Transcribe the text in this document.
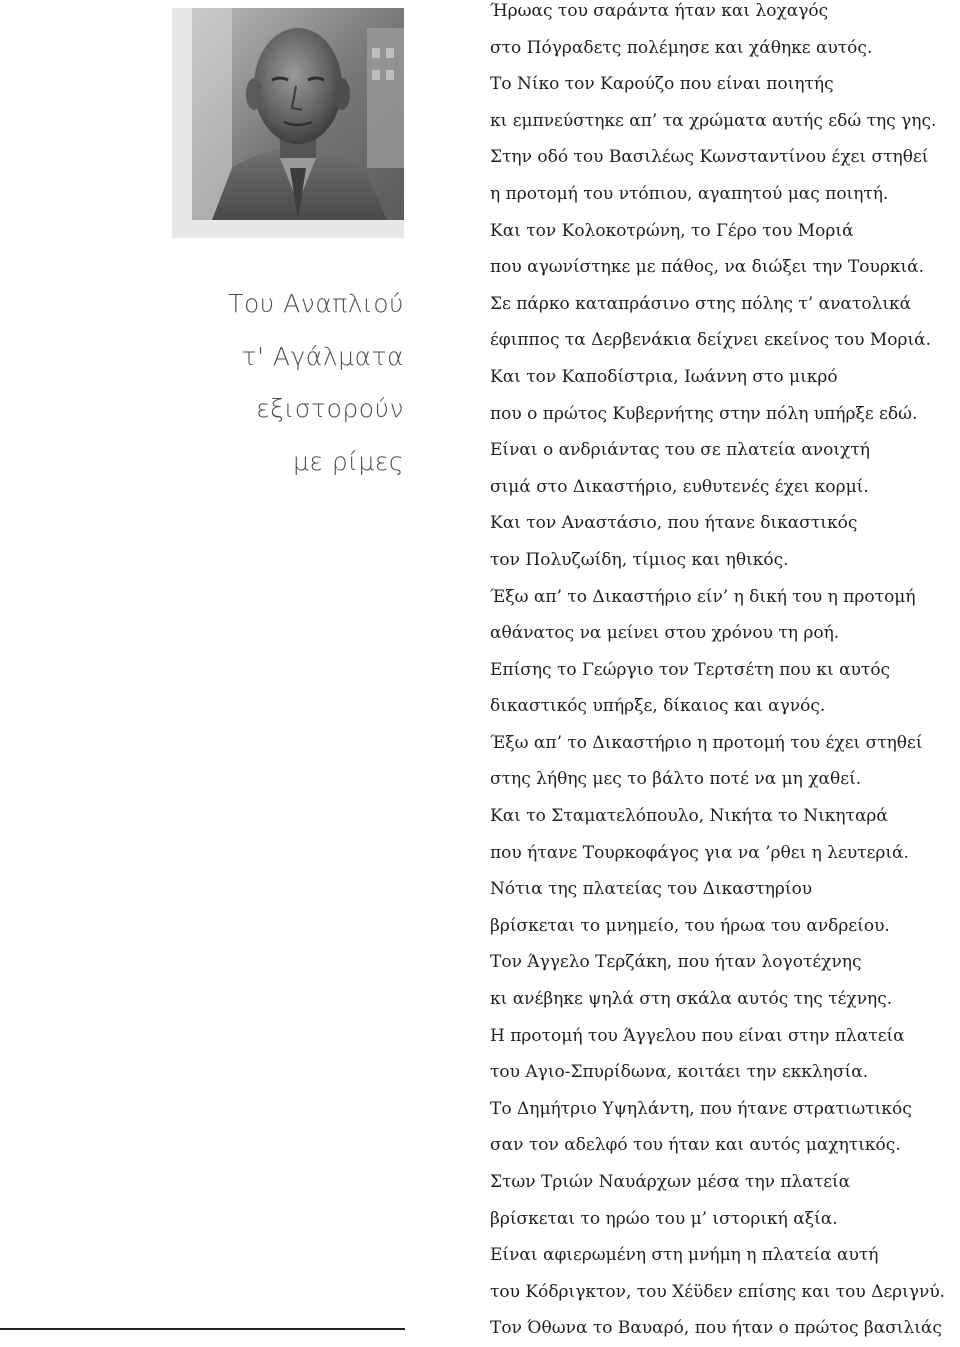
Του Αναπλιού
τ' Αγάλματα
εξιστορούν
με ρίμες
Ήρωας του σαράντα ήταν και λοχαγός
στο Πόγραδετς πολέμησε και χάθηκε αυτός.
Το Νίκο τον Καρούζο που είναι ποιητής
κι εμπνεύστηκε απ’ τα χρώματα αυτής εδώ της γης.
Στην οδό του Βασιλέως Κωνσταντίνου έχει στηθεί
η προτομή του ντόπιου, αγαπητού μας ποιητή.
Και τον Κολοκοτρώνη, το Γέρο του Μοριά
που αγωνίστηκε με πάθος, να διώξει την Τουρκιά.
Σε πάρκο καταπράσινο στης πόλης τ’ ανατολικά
έφιππος τα Δερβενάκια δείχνει εκείνος του Μοριά.
Και τον Καποδίστρια, Ιωάννη στο μικρό
που ο πρώτος Κυβερνήτης στην πόλη υπήρξε εδώ.
Είναι ο ανδριάντας του σε πλατεία ανοιχτή
σιμά στο Δικαστήριο, ευθυτενές έχει κορμί.
Και τον Αναστάσιο, που ήτανε δικαστικός
τον Πολυζωίδη, τίμιος και ηθικός.
Έξω απ’ το Δικαστήριο είν’ η δική του η προτομή
αθάνατος να μείνει στου χρόνου τη ροή.
Επίσης το Γεώργιο τον Τερτσέτη που κι αυτός
δικαστικός υπήρξε, δίκαιος και αγνός.
Έξω απ’ το Δικαστήριο η προτομή του έχει στηθεί
στης λήθης μες το βάλτο ποτέ να μη χαθεί.
Και το Σταματελόπουλο, Νικήτα το Νικηταρά
που ήτανε Τουρκοφάγος για να ’ρθει η λευτεριά.
Νότια της πλατείας του Δικαστηρίου
βρίσκεται το μνημείο, του ήρωα του ανδρείου.
Τον Άγγελο Τερζάκη, που ήταν λογοτέχνης
κι ανέβηκε ψηλά στη σκάλα αυτός της τέχνης.
Η προτομή του Άγγελου που είναι στην πλατεία
του Αγιο-Σπυρίδωνα, κοιτάει την εκκλησία.
Το Δημήτριο Υψηλάντη, που ήτανε στρατιωτικός
σαν τον αδελφό του ήταν και αυτός μαχητικός.
Στων Τριών Ναυάρχων μέσα την πλατεία
βρίσκεται το ηρώο του μ’ ιστορική αξία.
Είναι αφιερωμένη στη μνήμη η πλατεία αυτή
του Κόδριγκτον, του Χέϋδεν επίσης και του Δεριγνύ.
Τον Όθωνα το Βαυαρό, που ήταν ο πρώτος βασιλιάς
